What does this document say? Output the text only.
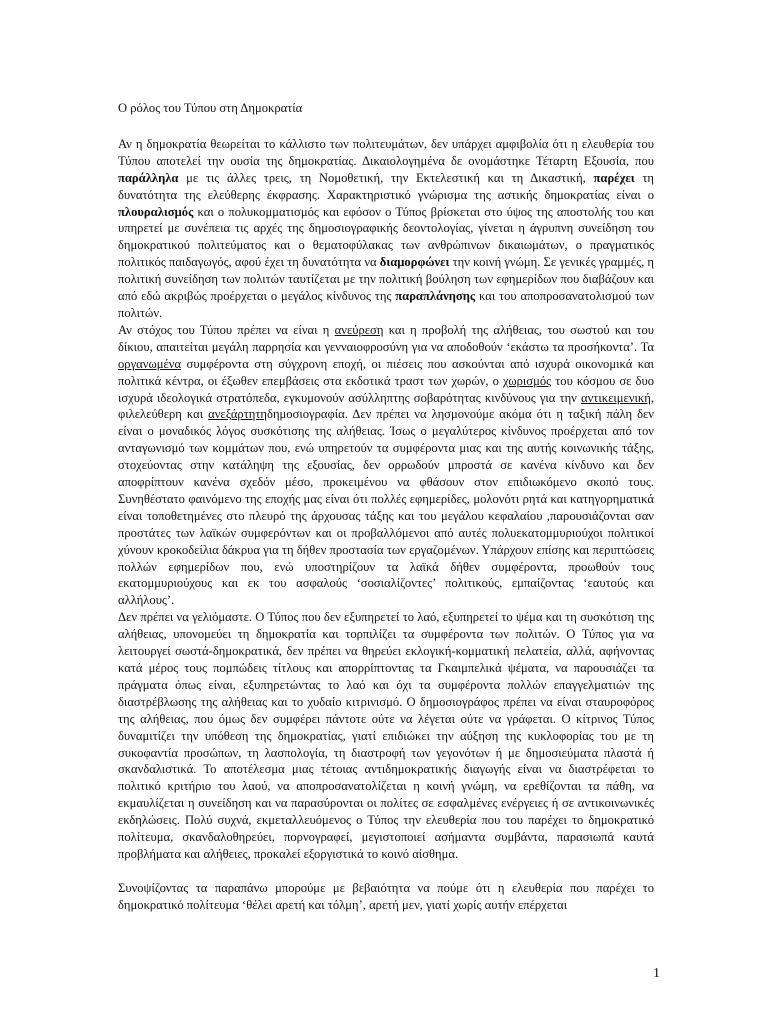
Ο ρόλος του Τύπου στη Δημοκρατία

Αν η δημοκρατία θεωρείται το κάλλιστο των πολιτευμάτων, δεν υπάρχει αμφιβολία ότι η ελευθερία του Τύπου αποτελεί την ουσία της δημοκρατίας. Δικαιολογημένα δε ονομάστηκε Τέταρτη Εξουσία, που παράλληλα με τις άλλες τρεις, τη Νομοθετική, την Εκτελεστική και τη Δικαστική, παρέχει τη δυνατότητα της ελεύθερης έκφρασης. Χαρακτηριστικό γνώρισμα της αστικής δημοκρατίας είναι ο πλουραλισμός και ο πολυκομματισμός και εφόσον ο Τύπος βρίσκεται στο ύψος της αποστολής του και υπηρετεί με συνέπεια τις αρχές της δημοσιογραφικής δεοντολογίας, γίνεται η άγρυπνη συνείδηση του δημοκρατικού πολιτεύματος και ο θεματοφύλακας των ανθρώπινων δικαιωμάτων, ο πραγματικός πολιτικός παιδαγωγός, αφού έχει τη δυνατότητα να διαμορφώνει την κοινή γνώμη. Σε γενικές γραμμές, η πολιτική συνείδηση των πολιτών ταυτίζεται με την πολιτική βούληση των εφημερίδων που διαβάζουν και από εδώ ακριβώς προέρχεται ο μεγάλος κίνδυνος της παραπλάνησης και του αποπροσανατολισμού των πολιτών.

Αν στόχος του Τύπου πρέπει να είναι η ανεύρεση και η προβολή της αλήθειας, του σωστού και του δίκιου, απαιτείται μεγάλη παρρησία και γενναιοφροσύνη για να αποδοθούν ‘εκάστω τα προσήκοντα’. Τα οργανωμένα συμφέροντα στη σύγχρονη εποχή, οι πιέσεις που ασκούνται από ισχυρά οικονομικά και πολιτικά κέντρα, οι έξωθεν επεμβάσεις στα εκδοτικά τραστ των χωρών, ο χωρισμός του κόσμου σε δυο ισχυρά ιδεολογικά στρατόπεδα, εγκυμονούν ασύλληπτης σοβαρότητας κινδύνους για την αντικειμενική, φιλελεύθερη και ανεξάρτητηδημοσιογραφία. Δεν πρέπει να λησμονούμε ακόμα ότι η ταξική πάλη δεν είναι ο μοναδικός λόγος συσκότισης της αλήθειας. Ίσως ο μεγαλύτερος κίνδυνος προέρχεται από τον ανταγωνισμό των κομμάτων που, ενώ υπηρετούν τα συμφέροντα μιας και της αυτής κοινωνικής τάξης, στοχεύοντας στην κατάληψη της εξουσίας, δεν ορρωδούν μπροστά σε κανένα κίνδυνο και δεν αποφρίπτουν κανένα σχεδόν μέσο, προκειμένου να φθάσουν στον επιδιωκόμενο σκοπό τους. Συνηθέστατο φαινόμενο της εποχής μας είναι ότι πολλές εφημερίδες, μολονότι ρητά και κατηγορηματικά είναι τοποθετημένες στο πλευρό της άρχουσας τάξης και του μεγάλου κεφαλαίου ,παρουσιάζονται σαν προστάτες των λαϊκών συμφερόντων και οι προβαλλόμενοι από αυτές πολυεκατομμυριούχοι πολιτικοί χύνουν κροκοδείλια δάκρυα για τη δήθεν προστασία των εργαζομένων. Υπάρχουν επίσης και περιπτώσεις πολλών εφημερίδων που, ενώ υποστηρίζουν τα λαϊκά δήθεν συμφέροντα, προωθούν τους εκατομμυριούχους και εκ του ασφαλούς ‘σοσιαλίζοντες’ πολιτικούς, εμπαίζοντας ‘εαυτούς και αλλήλους’.

Δεν πρέπει να γελιόμαστε. Ο Τύπος που δεν εξυπηρετεί το λαό, εξυπηρετεί το ψέμα και τη συσκότιση της αλήθειας, υπονομεύει τη δημοκρατία και τορπιλίζει τα συμφέροντα των πολιτών. Ο Τύπος για να λειτουργεί σωστά-δημοκρατικά, δεν πρέπει να θηρεύει εκλογική-κομματική πελατεία, αλλά, αφήνοντας κατά μέρος τους πομπώδεις τίτλους και απορρίπτοντας τα Γκαιμπελικά ψέματα, να παρουσιάζει τα πράγματα όπως είναι, εξυπηρετώντας το λαό και όχι τα συμφέροντα πολλών επαγγελματιών της διαστρέβλωσης της αλήθειας και το χυδαίο κιτρινισμό. Ο δημοσιογράφος πρέπει να είναι σταυροφόρος της αλήθειας, που όμως δεν συμφέρει πάντοτε ούτε να λέγεται ούτε να γράφεται. Ο κίτρινος Τύπος δυναμιτίζει την υπόθεση της δημοκρατίας, γιατί επιδιώκει την αύξηση της κυκλοφορίας του με τη συκοφαντία προσώπων, τη λασπολογία, τη διαστροφή των γεγονότων ή με δημοσιεύματα πλαστά ή σκανδαλιστικά. Το αποτέλεσμα μιας τέτοιας αντιδημοκρατικής διαγωγής είναι να διαστρέφεται το πολιτικό κριτήριο του λαού, να αποπροσανατολίζεται η κοινή γνώμη, να ερεθίζονται τα πάθη, να εκμαυλίζεται η συνείδηση και να παρασύρονται οι πολίτες σε εσφαλμένες ενέργειες ή σε αντικοινωνικές εκδηλώσεις. Πολύ συχνά, εκμεταλλευόμενος ο Τύπος την ελευθερία που του παρέχει το δημοκρατικό πολίτευμα, σκανδαλοθηρεύει, πορνογραφεί, μεγιστοποιεί ασήμαντα συμβάντα, παρασιωπά καυτά προβλήματα και αλήθειες, προκαλεί εξοργιστικά το κοινό αίσθημα.

Συνοψίζοντας τα παραπάνω μπορούμε με βεβαιότητα να πούμε ότι η ελευθερία που παρέχει το δημοκρατικό πολίτευμα ‘θέλει αρετή και τόλμη’, αρετή μεν, γιατί χωρίς αυτήν επέρχεται

1
